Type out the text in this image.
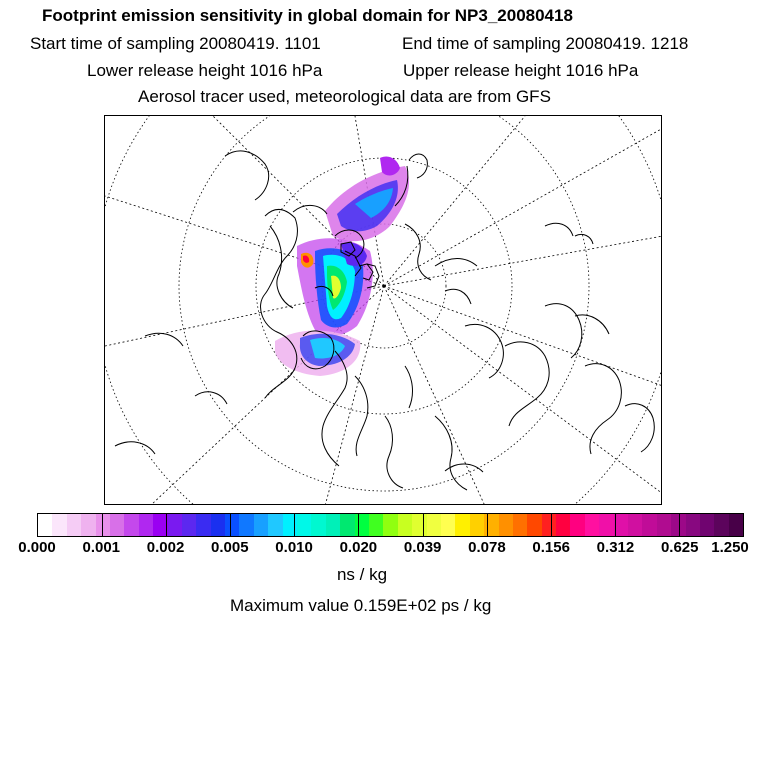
Footprint emission sensitivity in global domain for NP3_20080418
Start time of sampling 20080419. 1101	End time of sampling 20080419. 1218
Lower release height 1016 hPa	Upper release height 1016 hPa
Aerosol tracer used, meteorological data are from GFS
0.000 0.001 0.002 0.005 0.010 0.020 0.039 0.078 0.156 0.312 0.625 1.250
ns / kg
Maximum value 0.159E+02 ps / kg
